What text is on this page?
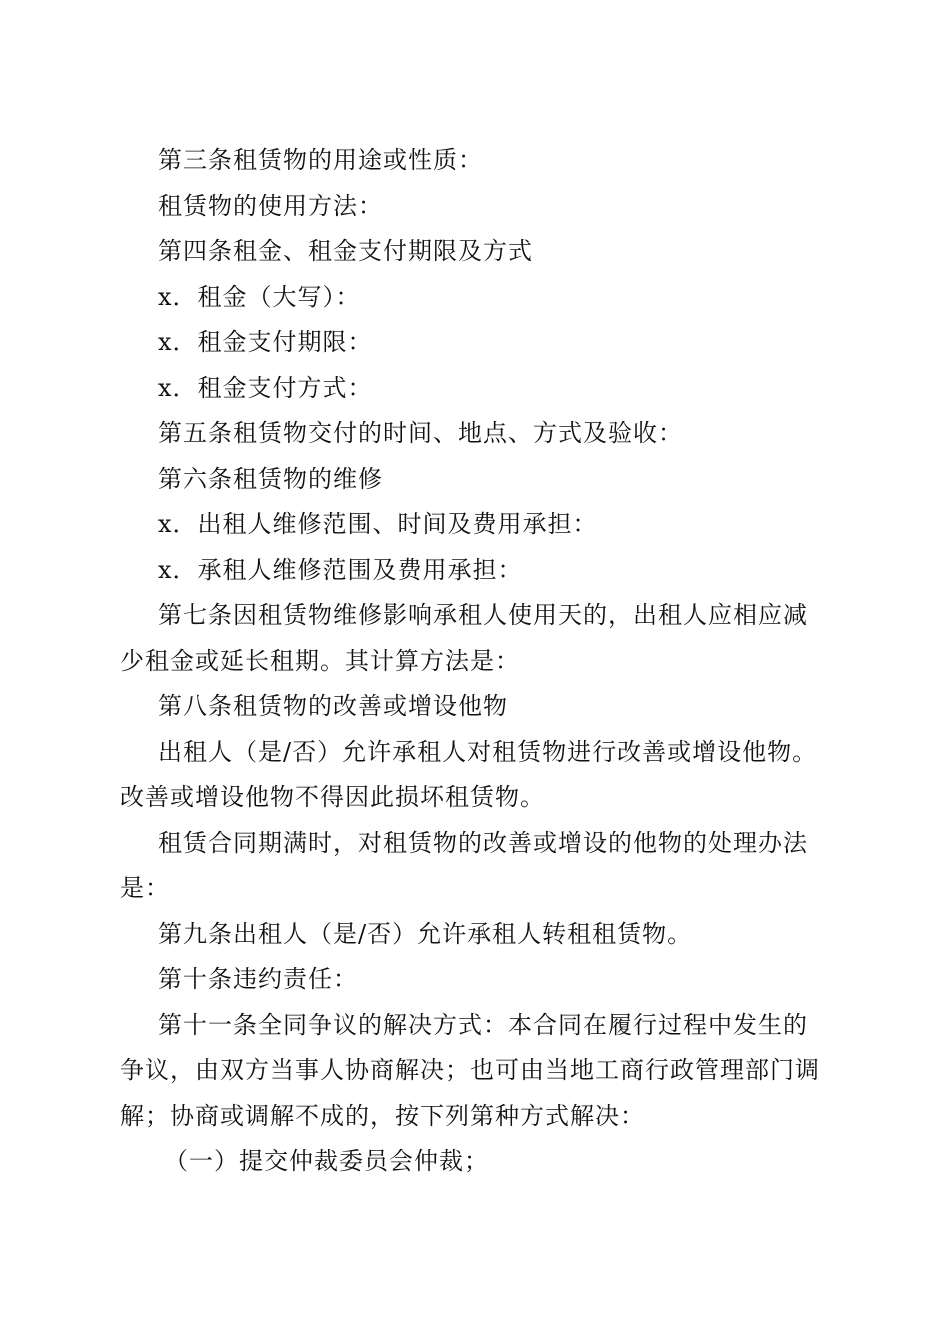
第三条租赁物的用途或性质：

租赁物的使用方法：

第四条租金、租金支付期限及方式

x．租金（大写）：

x．租金支付期限：

x．租金支付方式：

第五条租赁物交付的时间、地点、方式及验收：

第六条租赁物的维修

x．出租人维修范围、时间及费用承担：

x．承租人维修范围及费用承担：

第七条因租赁物维修影响承租人使用天的，出租人应相应减少租金或延长租期。其计算方法是：

第八条租赁物的改善或增设他物

出租人（是/否）允许承租人对租赁物进行改善或增设他物。改善或增设他物不得因此损坏租赁物。

租赁合同期满时，对租赁物的改善或增设的他物的处理办法是：

第九条出租人（是/否）允许承租人转租租赁物。

第十条违约责任：

第十一条全同争议的解决方式：本合同在履行过程中发生的争议，由双方当事人协商解决；也可由当地工商行政管理部门调解；协商或调解不成的，按下列第种方式解决：

（一）提交仲裁委员会仲裁；
